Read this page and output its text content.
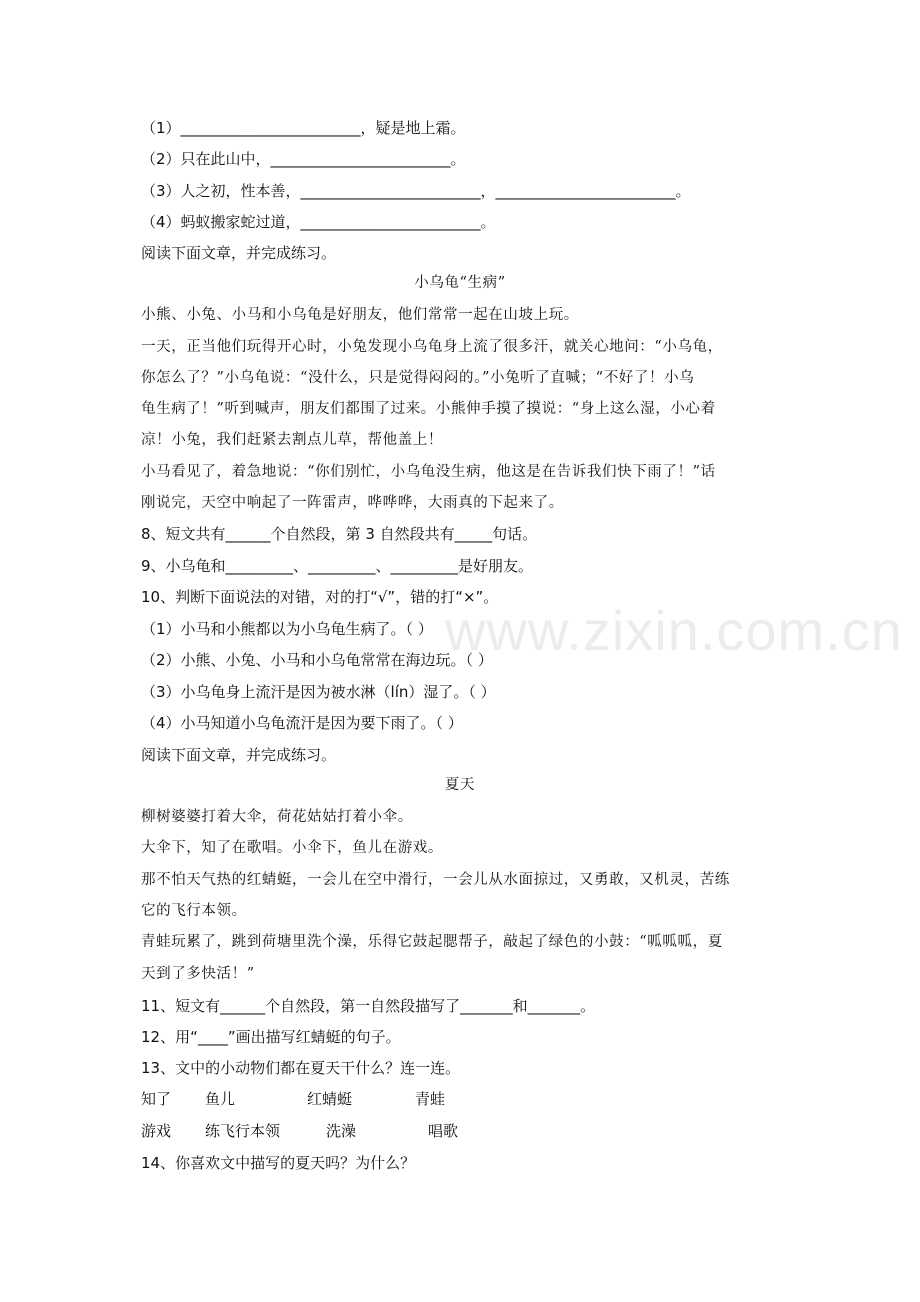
（1）________________________，疑是地上霜。

（2）只在此山中，________________________。

（3）人之初，性本善，________________________，________________________。

（4）蚂蚁搬家蛇过道，________________________。

阅读下面文章，并完成练习。

小乌龟“生病”

小熊、小兔、小马和小乌龟是好朋友，他们常常一起在山坡上玩。

一天，正当他们玩得开心时，小兔发现小乌龟身上流了很多汗，就关心地问：“小乌龟，

你怎么了？”小乌龟说：“没什么，只是觉得闷闷的。”小兔听了直喊；“不好了！小乌

龟生病了！”听到喊声，朋友们都围了过来。小熊伸手摸了摸说：“身上这么湿，小心着

凉！小兔，我们赶紧去割点儿草，帮他盖上！

小马看见了，着急地说：“你们别忙，小乌龟没生病，他这是在告诉我们快下雨了！”话

刚说完，天空中响起了一阵雷声，哗哗哗，大雨真的下起来了。

8、短文共有______个自然段，第 3 自然段共有_____句话。

9、小乌龟和_________、_________、_________是好朋友。

10、判断下面说法的对错，对的打“√”，错的打“×”。

（1）小马和小熊都以为小乌龟生病了。（ ）

（2）小熊、小兔、小马和小乌龟常常在海边玩。（ ）

（3）小乌龟身上流汗是因为被水淋（lín）湿了。（ ）

（4）小马知道小乌龟流汗是因为要下雨了。（ ）

阅读下面文章，并完成练习。

夏天

柳树婆婆打着大伞，荷花姑姑打着小伞。

大伞下，知了在歌唱。小伞下，鱼儿在游戏。

那不怕天气热的红蜻蜓，一会儿在空中滑行，一会儿从水面掠过，又勇敢，又机灵，苦练

它的飞行本领。

青蛙玩累了，跳到荷塘里洗个澡，乐得它鼓起腮帮子，敲起了绿色的小鼓：“呱呱呱，夏

天到了多快活！”

11、短文有______个自然段，第一自然段描写了_______和_______。

12、用“____”画出描写红蜻蜓的句子。

13、文中的小动物们都在夏天干什么？连一连。

知了 鱼儿	红蜻蜓	青蛙
游戏 练飞行本领	洗澡	唱歌

14、你喜欢文中描写的夏天吗？为什么？

www.zixin.com.cn
